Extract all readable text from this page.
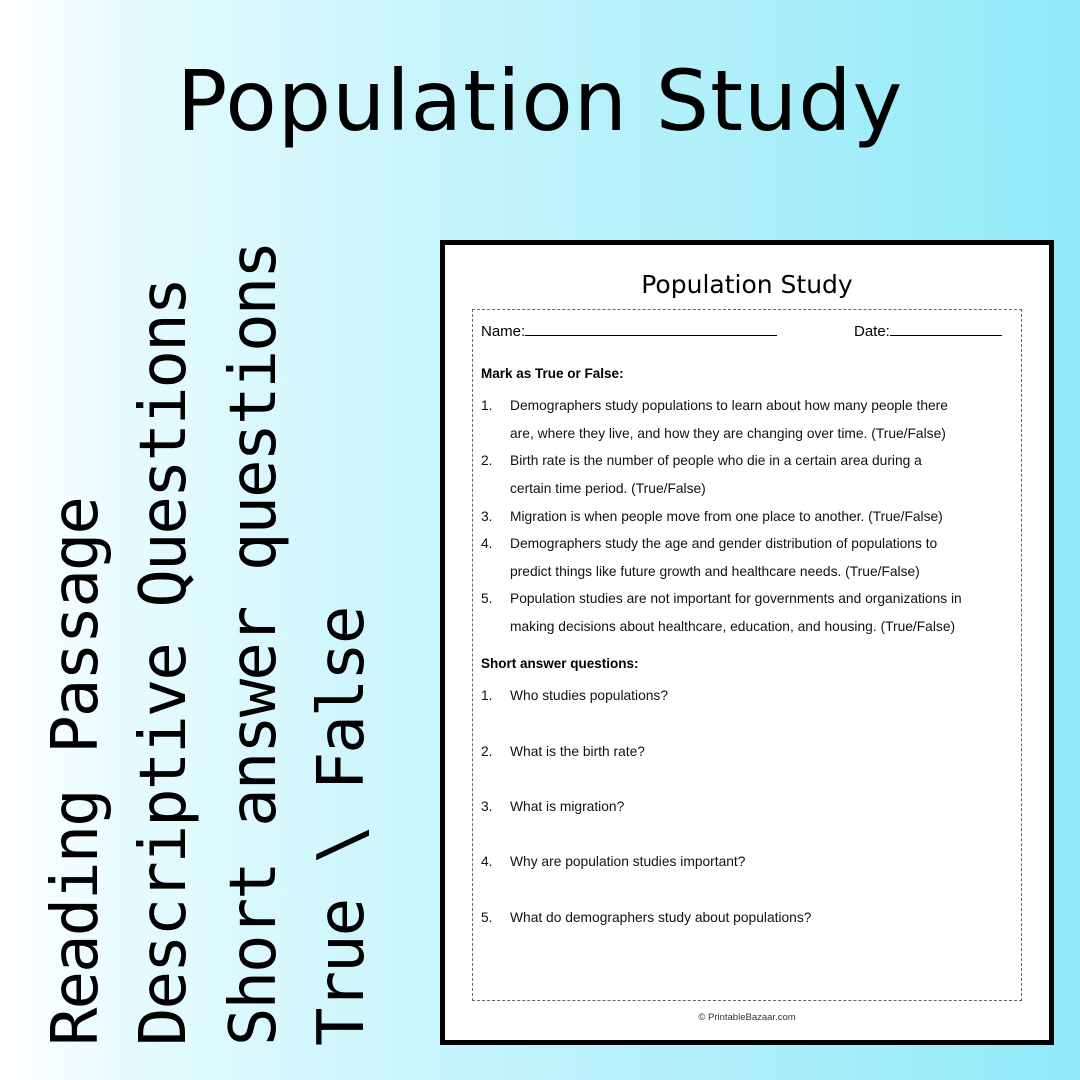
Population Study
Reading Passage Descriptive Questions Short answer questions True \ False
Population Study
Name:	Date:
Mark as True or False:
1. Demographers study populations to learn about how many people there
are, where they live, and how they are changing over time. (True/False)
2. Birth rate is the number of people who die in a certain area during a
certain time period. (True/False)
3. Migration is when people move from one place to another. (True/False)
4. Demographers study the age and gender distribution of populations to
predict things like future growth and healthcare needs. (True/False)
5. Population studies are not important for governments and organizations in
making decisions about healthcare, education, and housing. (True/False)
Short answer questions:
1. Who studies populations?
2. What is the birth rate?
3. What is migration?
4. Why are population studies important?
5. What do demographers study about populations?
© PrintableBazaar.com
